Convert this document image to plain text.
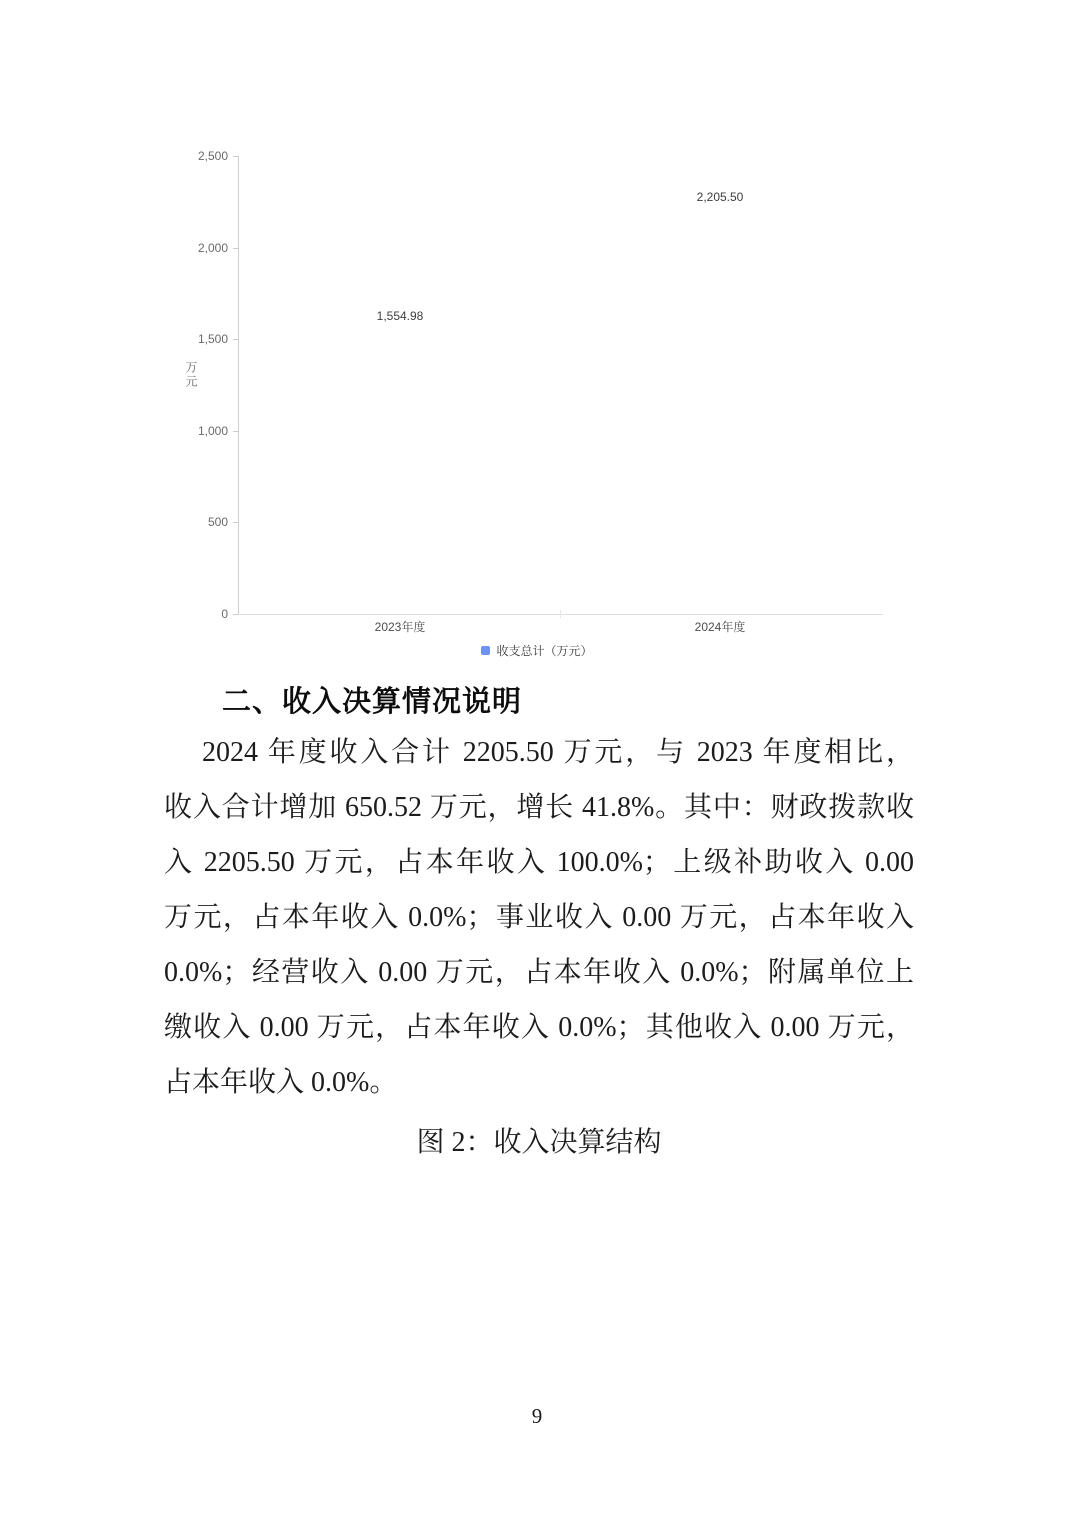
万元
2,500
2,000
1,500
1,000
500
0
1,554.98
2,205.50
2023年度	2024年度
收支总计（万元）
二、收入决算情况说明
2024 年度收入合计 2205.50 万元，与 2023 年度相比，
收入合计增加 650.52 万元，增长 41.8%。其中：财政拨款收
入 2205.50 万元，占本年收入 100.0%；上级补助收入 0.00
万元，占本年收入 0.0%；事业收入 0.00 万元，占本年收入
0.0%；经营收入 0.00 万元，占本年收入 0.0%；附属单位上
缴收入 0.00 万元，占本年收入 0.0%；其他收入 0.00 万元，
占本年收入 0.0%。
图 2：收入决算结构
9
